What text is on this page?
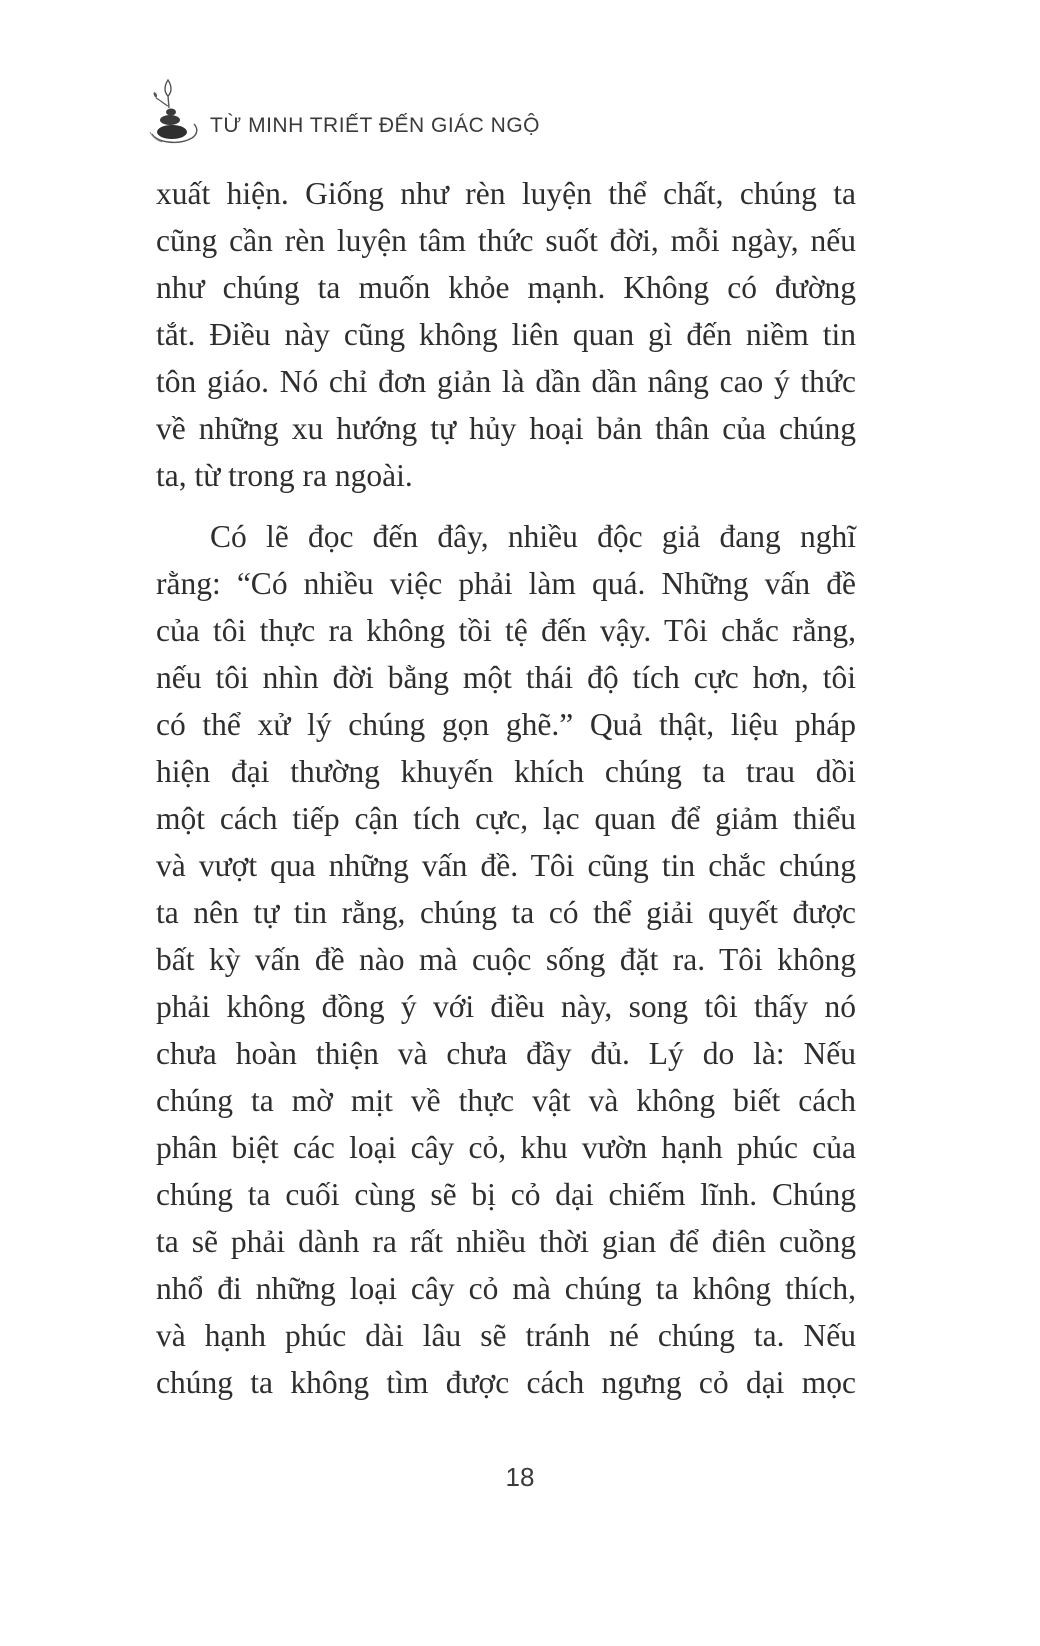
TỪ MINH TRIẾT ĐẾN GIÁC NGỘ

xuất hiện. Giống như rèn luyện thể chất, chúng ta
cũng cần rèn luyện tâm thức suốt đời, mỗi ngày, nếu
như chúng ta muốn khỏe mạnh. Không có đường
tắt. Điều này cũng không liên quan gì đến niềm tin
tôn giáo. Nó chỉ đơn giản là dần dần nâng cao ý thức
về những xu hướng tự hủy hoại bản thân của chúng
ta, từ trong ra ngoài.

Có lẽ đọc đến đây, nhiều độc giả đang nghĩ
rằng: “Có nhiều việc phải làm quá. Những vấn đề
của tôi thực ra không tồi tệ đến vậy. Tôi chắc rằng,
nếu tôi nhìn đời bằng một thái độ tích cực hơn, tôi
có thể xử lý chúng gọn ghẽ.” Quả thật, liệu pháp
hiện đại thường khuyến khích chúng ta trau dồi
một cách tiếp cận tích cực, lạc quan để giảm thiểu
và vượt qua những vấn đề. Tôi cũng tin chắc chúng
ta nên tự tin rằng, chúng ta có thể giải quyết được
bất kỳ vấn đề nào mà cuộc sống đặt ra. Tôi không
phải không đồng ý với điều này, song tôi thấy nó
chưa hoàn thiện và chưa đầy đủ. Lý do là: Nếu
chúng ta mờ mịt về thực vật và không biết cách
phân biệt các loại cây cỏ, khu vườn hạnh phúc của
chúng ta cuối cùng sẽ bị cỏ dại chiếm lĩnh. Chúng
ta sẽ phải dành ra rất nhiều thời gian để điên cuồng
nhổ đi những loại cây cỏ mà chúng ta không thích,
và hạnh phúc dài lâu sẽ tránh né chúng ta. Nếu
chúng ta không tìm được cách ngưng cỏ dại mọc

18
